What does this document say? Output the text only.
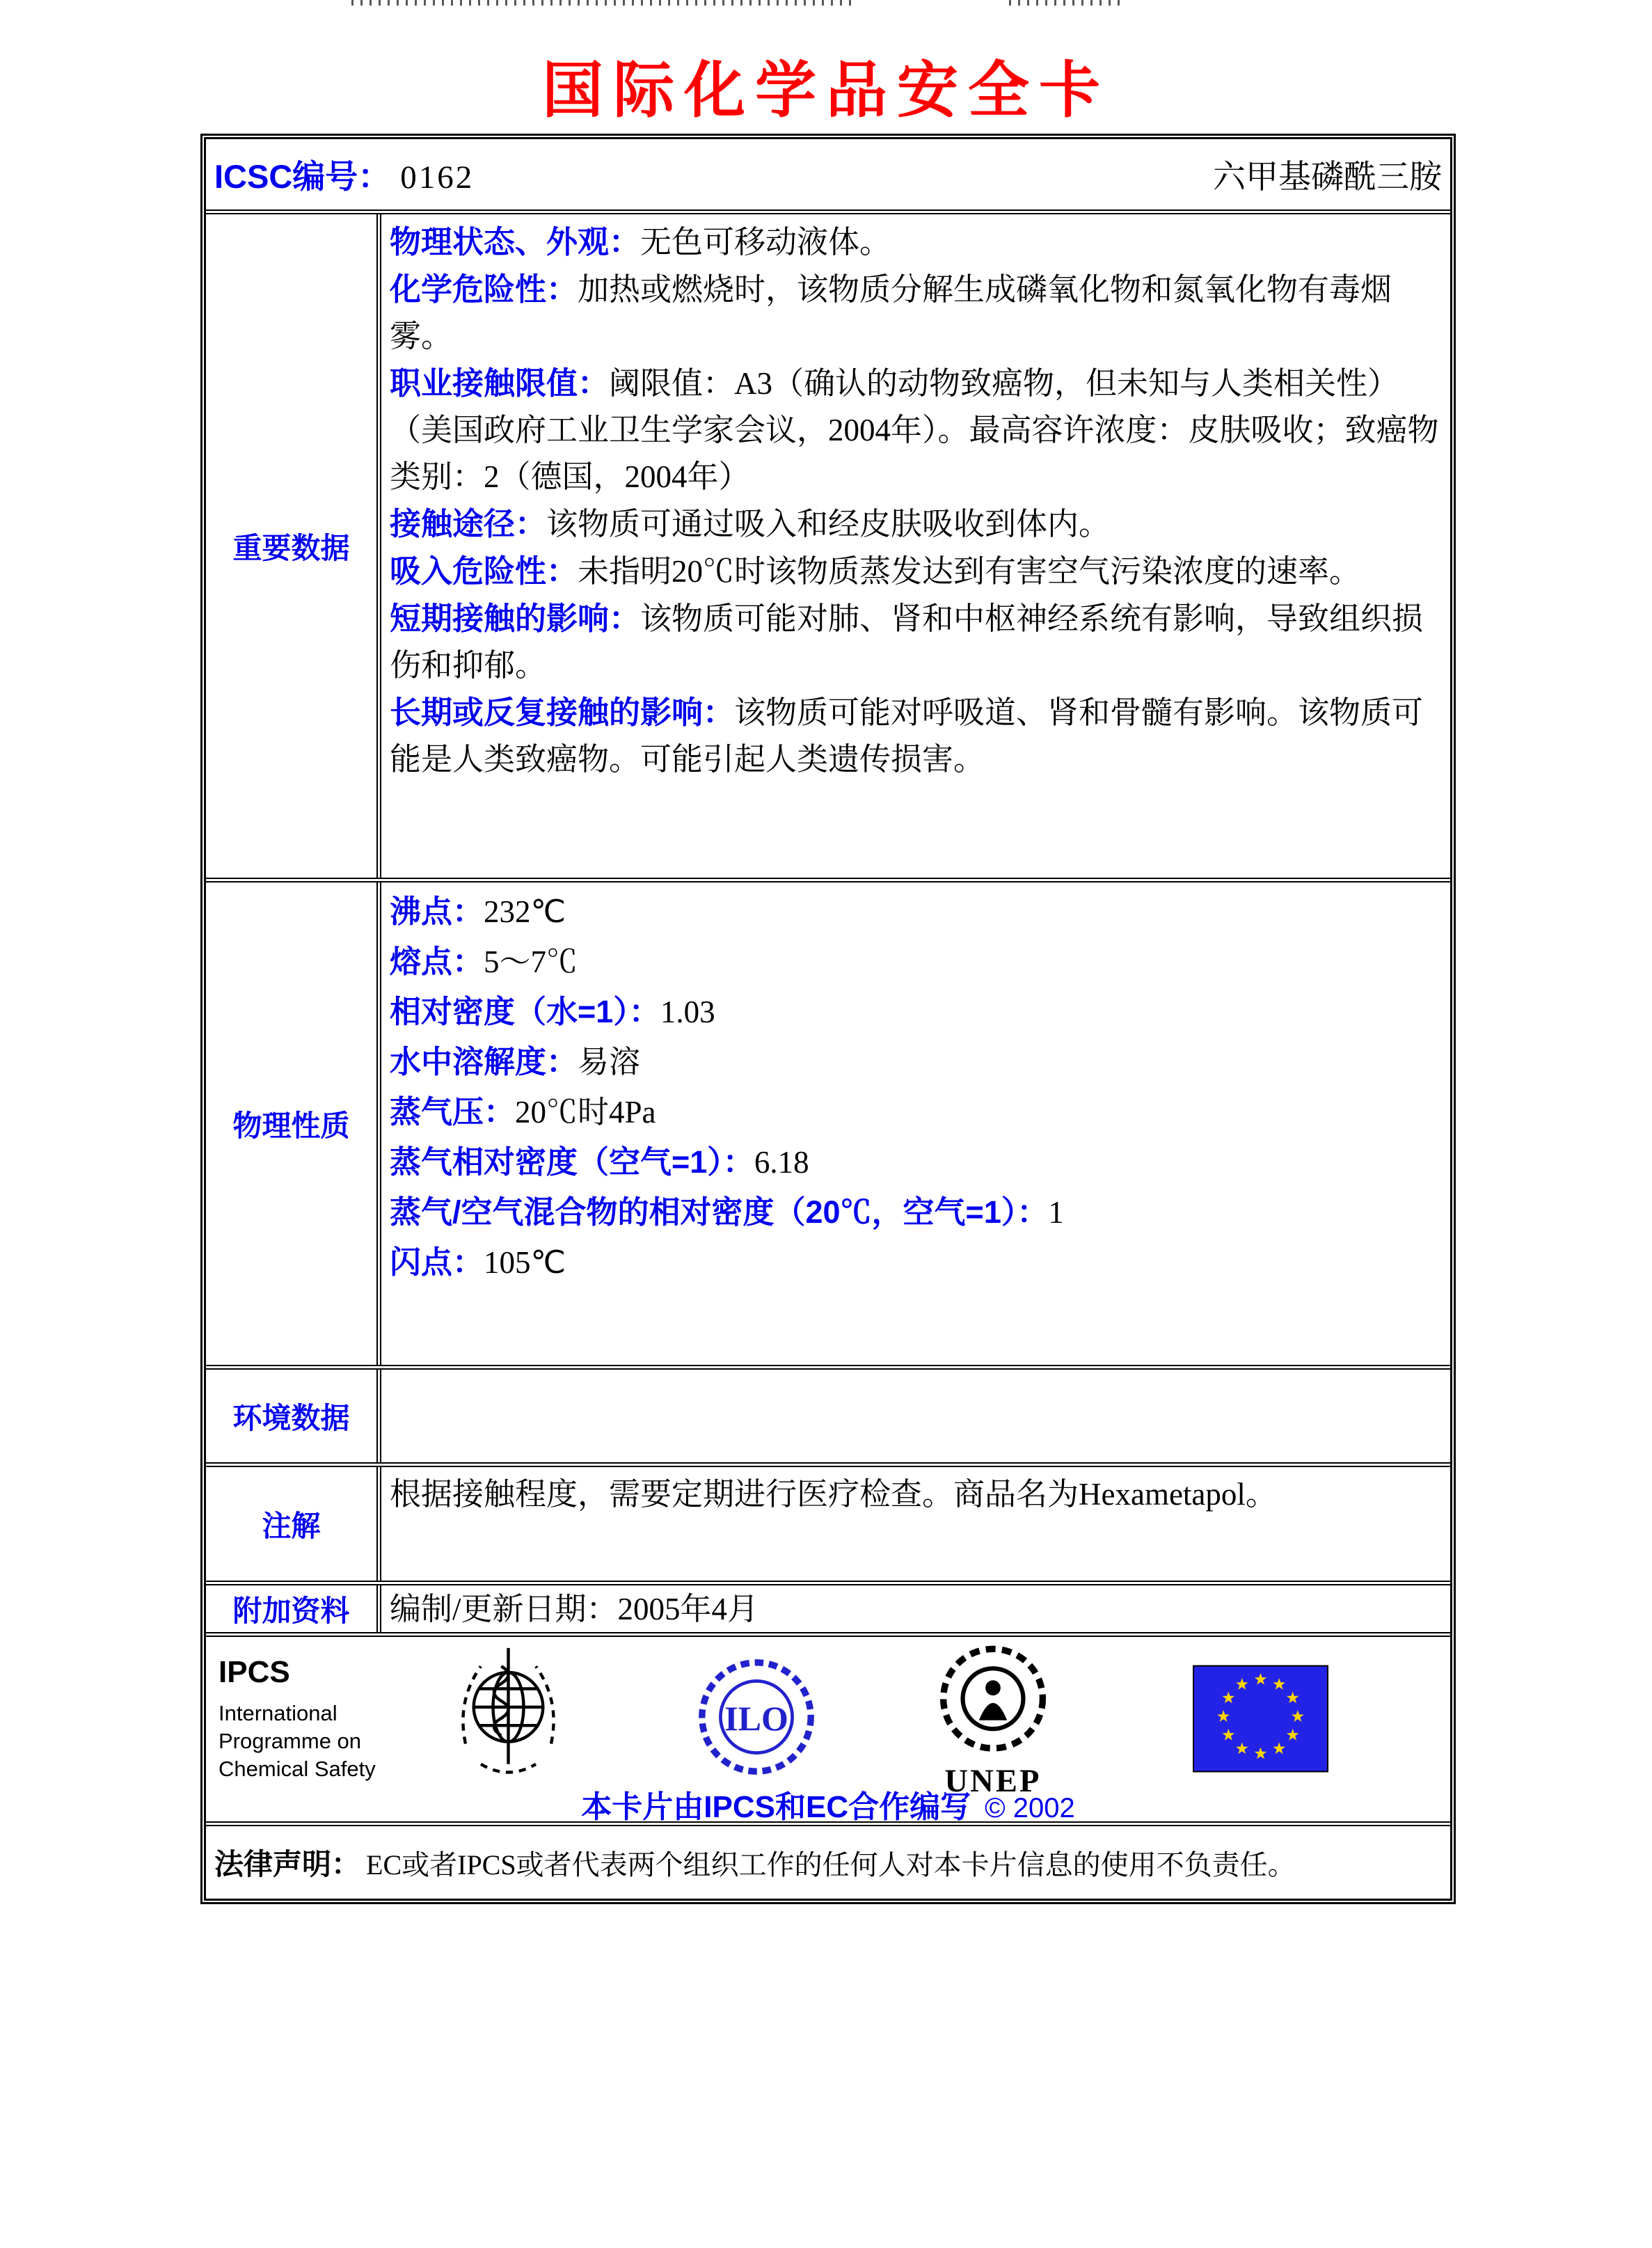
国际化学品安全卡
ICSC编号： 0162	六甲基磷酰三胺
重要数据

物理状态、外观：无色可移动液体。

化学危险性：加热或燃烧时，该物质分解生成磷氧化物和氮氧化物有毒烟雾。

职业接触限值：阈限值：A3（确认的动物致癌物，但未知与人类相关性）（美国政府工业卫生学家会议，2004年）。最高容许浓度：皮肤吸收；致癌物类别：2（德国，2004年）

接触途径：该物质可通过吸入和经皮肤吸收到体内。

吸入危险性：未指明20℃时该物质蒸发达到有害空气污染浓度的速率。

短期接触的影响：该物质可能对肺、肾和中枢神经系统有影响，导致组织损伤和抑郁。

长期或反复接触的影响：该物质可能对呼吸道、肾和骨髓有影响。该物质可能是人类致癌物。可能引起人类遗传损害。

物理性质

沸点：232℃

熔点：5～7℃

相对密度（水=1）：1.03

水中溶解度：易溶

蒸气压：20℃时4Pa

蒸气相对密度（空气=1）：6.18

蒸气/空气混合物的相对密度（20℃，空气=1）：1

闪点：105℃

环境数据
注解

根据接触程度，需要定期进行医疗检查。商品名为Hexametapol。

附加资料 编制/更新日期：2005年4月

IPCS
International
Programme on
Chemical Safety
ILO
UNEP
本卡片由IPCS和EC合作编写 © 2002
法律声明： EC或者IPCS或者代表两个组织工作的任何人对本卡片信息的使用不负责任。
